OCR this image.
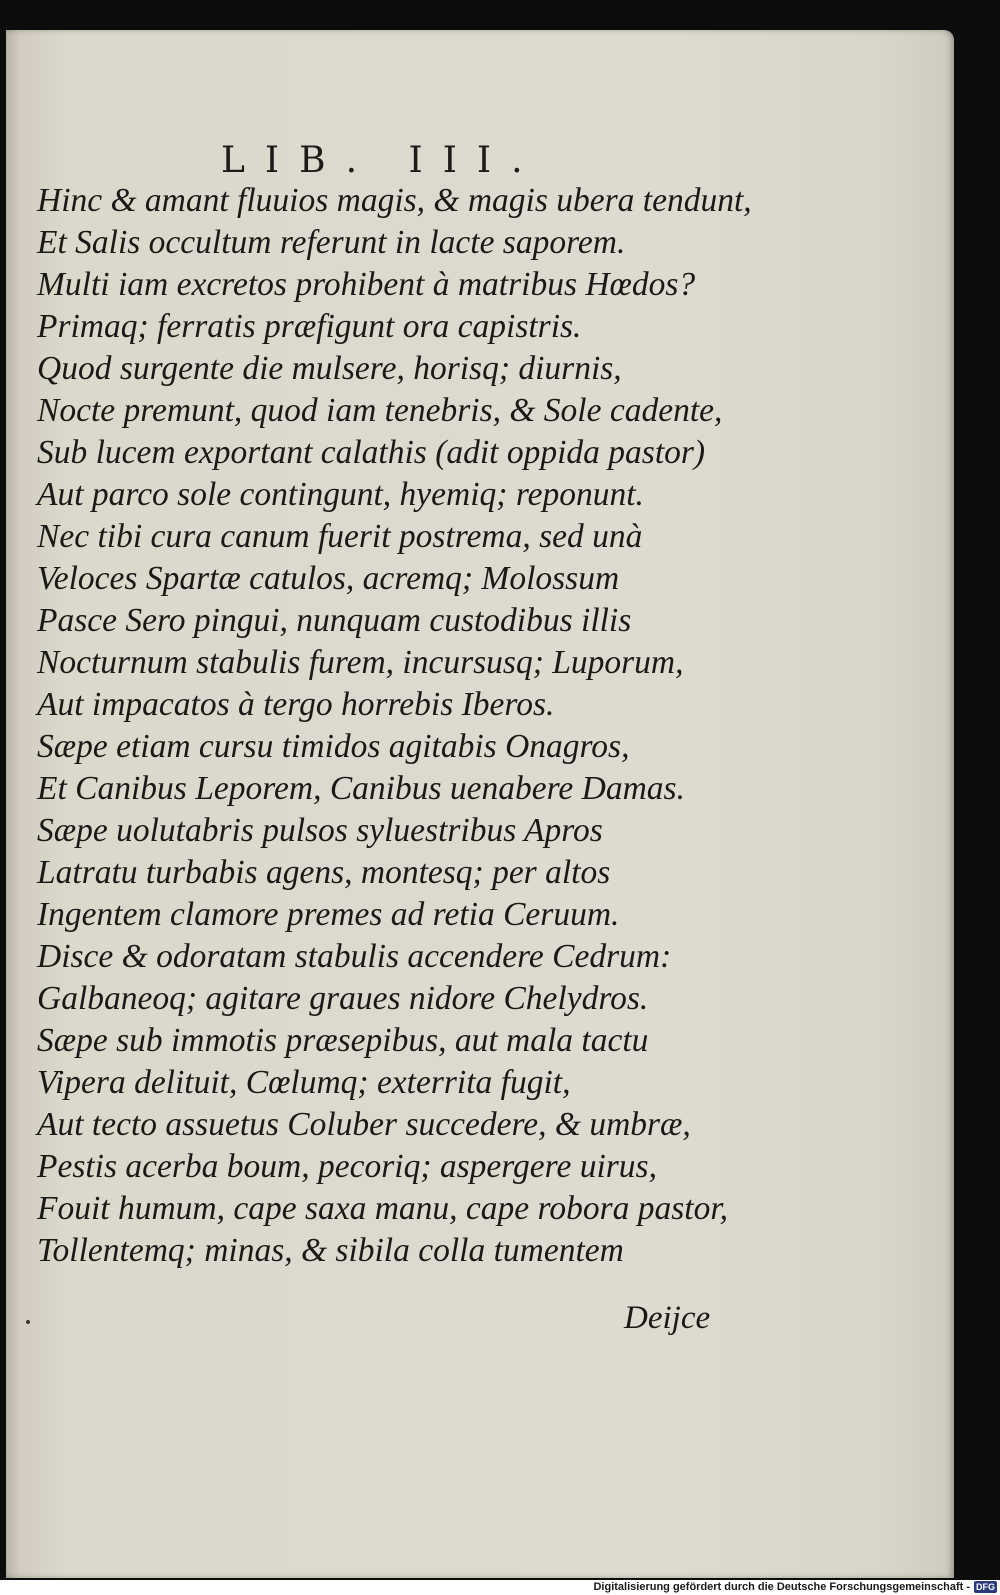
LIB. III.
Hinc & amant fluuios magis, & magis ubera tendunt,
Et Salis occultum referunt in lacte saporem.
Multi iam excretos prohibent à matribus Hœdos?
Primaq; ferratis præfigunt ora capistris.
Quod surgente die mulsere, horisq; diurnis,
Nocte premunt, quod iam tenebris, & Sole cadente,
Sub lucem exportant calathis (adit oppida pastor)
Aut parco sole contingunt, hyemiq; reponunt.
Nec tibi cura canum fuerit postrema, sed unà
Veloces Spartæ catulos, acremq; Molossum
Pasce Sero pingui, nunquam custodibus illis
Nocturnum stabulis furem, incursusq; Luporum,
Aut impacatos à tergo horrebis Iberos.
Sæpe etiam cursu timidos agitabis Onagros,
Et Canibus Leporem, Canibus uenabere Damas.
Sæpe uolutabris pulsos syluestribus Apros
Latratu turbabis agens, montesq; per altos
Ingentem clamore premes ad retia Ceruum.
Disce & odoratam stabulis accendere Cedrum:
Galbaneoq; agitare graues nidore Chelydros.
Sæpe sub immotis præsepibus, aut mala tactu
Vipera delituit, Cœlumq; exterrita fugit,
Aut tecto assuetus Coluber succedere, & umbræ,
Pestis acerba boum, pecoriq; aspergere uirus,
Fouit humum, cape saxa manu, cape robora pastor,
Tollentemq; minas, & sibila colla tumentem
Deijce
Digitalisierung gefördert durch die Deutsche Forschungsgemeinschaft - DFG
